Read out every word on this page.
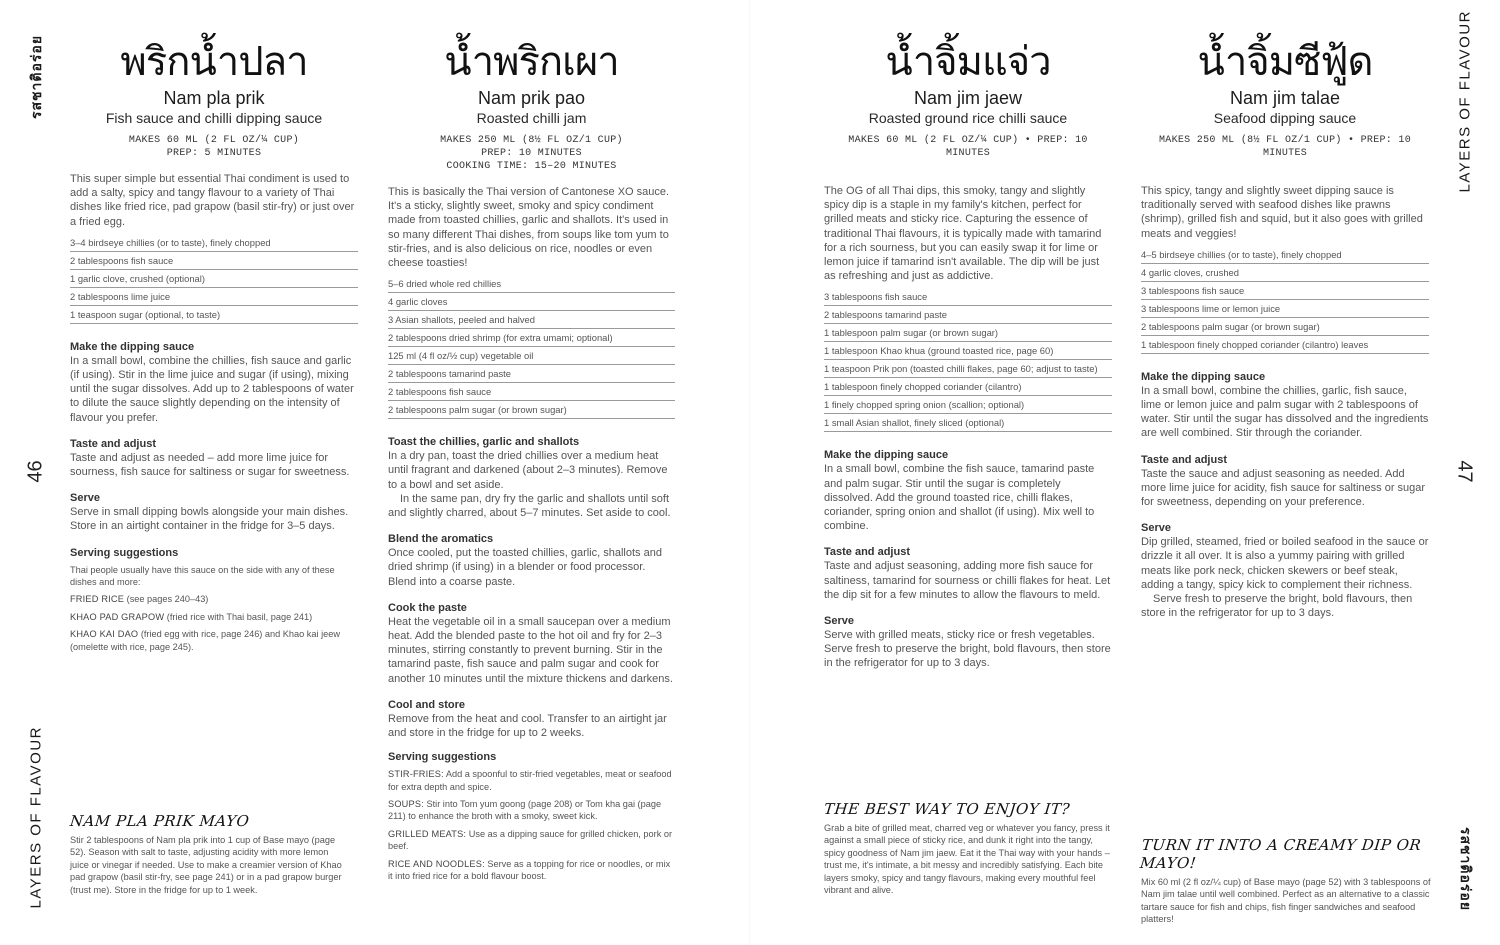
รสชาติอร่อย
46
LAYERS OF FLAVOUR
LAYERS OF FLAVOUR
47
รสชาติอร่อย
พริกน้ำปลา
Nam pla prik
Fish sauce and chilli dipping sauce
MAKES 60 ML (2 FL OZ/¼ CUP)
PREP: 5 MINUTES
This super simple but essential Thai condiment is used to add a salty, spicy and tangy flavour to a variety of Thai dishes like fried rice, pad grapow (basil stir-fry) or just over a fried egg.
3–4 birdseye chillies (or to taste), finely chopped
2 tablespoons fish sauce
1 garlic clove, crushed (optional)
2 tablespoons lime juice
1 teaspoon sugar (optional, to taste)
Make the dipping sauce

In a small bowl, combine the chillies, fish sauce and garlic (if using). Stir in the lime juice and sugar (if using), mixing until the sugar dissolves. Add up to 2 tablespoons of water to dilute the sauce slightly depending on the intensity of flavour you prefer.

Taste and adjust

Taste and adjust as needed – add more lime juice for sourness, fish sauce for saltiness or sugar for sweetness.

Serve

Serve in small dipping bowls alongside your main dishes. Store in an airtight container in the fridge for 3–5 days.

Serving suggestions

Thai people usually have this sauce on the side with any of these dishes and more:

FRIED RICE (see pages 240–43)

KHAO PAD GRAPOW (fried rice with Thai basil, page 241)

KHAO KAI DAO (fried egg with rice, page 246) and Khao kai jeew (omelette with rice, page 245).

NAM PLA PRIK MAYO

Stir 2 tablespoons of Nam pla prik into 1 cup of Base mayo (page 52). Season with salt to taste, adjusting acidity with more lemon juice or vinegar if needed. Use to make a creamier version of Khao pad grapow (basil stir-fry, see page 241) or in a pad grapow burger (trust me). Store in the fridge for up to 1 week.

น้ำพริกเผา
Nam prik pao
Roasted chilli jam
MAKES 250 ML (8½ FL OZ/1 CUP)
PREP: 10 MINUTES
COOKING TIME: 15–20 MINUTES
This is basically the Thai version of Cantonese XO sauce. It's a sticky, slightly sweet, smoky and spicy condiment made from toasted chillies, garlic and shallots. It's used in so many different Thai dishes, from soups like tom yum to stir-fries, and is also delicious on rice, noodles or even cheese toasties!
5–6 dried whole red chillies
4 garlic cloves
3 Asian shallots, peeled and halved
2 tablespoons dried shrimp (for extra umami; optional)
125 ml (4 fl oz/½ cup) vegetable oil
2 tablespoons tamarind paste
2 tablespoons fish sauce
2 tablespoons palm sugar (or brown sugar)
Toast the chillies, garlic and shallots

In a dry pan, toast the dried chillies over a medium heat until fragrant and darkened (about 2–3 minutes). Remove to a bowl and set aside.

In the same pan, dry fry the garlic and shallots until soft and slightly charred, about 5–7 minutes. Set aside to cool.

Blend the aromatics

Once cooled, put the toasted chillies, garlic, shallots and dried shrimp (if using) in a blender or food processor. Blend into a coarse paste.

Cook the paste

Heat the vegetable oil in a small saucepan over a medium heat. Add the blended paste to the hot oil and fry for 2–3 minutes, stirring constantly to prevent burning. Stir in the tamarind paste, fish sauce and palm sugar and cook for another 10 minutes until the mixture thickens and darkens.

Cool and store

Remove from the heat and cool. Transfer to an airtight jar and store in the fridge for up to 2 weeks.

Serving suggestions

STIR-FRIES: Add a spoonful to stir-fried vegetables, meat or seafood for extra depth and spice.

SOUPS: Stir into Tom yum goong (page 208) or Tom kha gai (page 211) to enhance the broth with a smoky, sweet kick.

GRILLED MEATS: Use as a dipping sauce for grilled chicken, pork or beef.

RICE AND NOODLES: Serve as a topping for rice or noodles, or mix it into fried rice for a bold flavour boost.

น้ำจิ้มแจ่ว
Nam jim jaew
Roasted ground rice chilli sauce
MAKES 60 ML (2 FL OZ/¼ CUP) • PREP: 10 MINUTES
The OG of all Thai dips, this smoky, tangy and slightly spicy dip is a staple in my family's kitchen, perfect for grilled meats and sticky rice. Capturing the essence of traditional Thai flavours, it is typically made with tamarind for a rich sourness, but you can easily swap it for lime or lemon juice if tamarind isn't available. The dip will be just as refreshing and just as addictive.
3 tablespoons fish sauce
2 tablespoons tamarind paste
1 tablespoon palm sugar (or brown sugar)
1 tablespoon Khao khua (ground toasted rice, page 60)
1 teaspoon Prik pon (toasted chilli flakes, page 60; adjust to taste)
1 tablespoon finely chopped coriander (cilantro)
1 finely chopped spring onion (scallion; optional)
1 small Asian shallot, finely sliced (optional)
Make the dipping sauce

In a small bowl, combine the fish sauce, tamarind paste and palm sugar. Stir until the sugar is completely dissolved. Add the ground toasted rice, chilli flakes, coriander, spring onion and shallot (if using). Mix well to combine.

Taste and adjust

Taste and adjust seasoning, adding more fish sauce for saltiness, tamarind for sourness or chilli flakes for heat. Let the dip sit for a few minutes to allow the flavours to meld.

Serve

Serve with grilled meats, sticky rice or fresh vegetables. Serve fresh to preserve the bright, bold flavours, then store in the refrigerator for up to 3 days.

THE BEST WAY TO ENJOY IT?

Grab a bite of grilled meat, charred veg or whatever you fancy, press it against a small piece of sticky rice, and dunk it right into the tangy, spicy goodness of Nam jim jaew. Eat it the Thai way with your hands – trust me, it's intimate, a bit messy and incredibly satisfying. Each bite layers smoky, spicy and tangy flavours, making every mouthful feel vibrant and alive.

น้ำจิ้มซีฟู้ด
Nam jim talae
Seafood dipping sauce
MAKES 250 ML (8½ FL OZ/1 CUP) • PREP: 10 MINUTES
This spicy, tangy and slightly sweet dipping sauce is traditionally served with seafood dishes like prawns (shrimp), grilled fish and squid, but it also goes with grilled meats and veggies!
4–5 birdseye chillies (or to taste), finely chopped
4 garlic cloves, crushed
3 tablespoons fish sauce
3 tablespoons lime or lemon juice
2 tablespoons palm sugar (or brown sugar)
1 tablespoon finely chopped coriander (cilantro) leaves
Make the dipping sauce

In a small bowl, combine the chillies, garlic, fish sauce, lime or lemon juice and palm sugar with 2 tablespoons of water. Stir until the sugar has dissolved and the ingredients are well combined. Stir through the coriander.

Taste and adjust

Taste the sauce and adjust seasoning as needed. Add more lime juice for acidity, fish sauce for saltiness or sugar for sweetness, depending on your preference.

Serve

Dip grilled, steamed, fried or boiled seafood in the sauce or drizzle it all over. It is also a yummy pairing with grilled meats like pork neck, chicken skewers or beef steak, adding a tangy, spicy kick to complement their richness.

Serve fresh to preserve the bright, bold flavours, then store in the refrigerator for up to 3 days.

TURN IT INTO A CREAMY DIP OR MAYO!

Mix 60 ml (2 fl oz/¼ cup) of Base mayo (page 52) with 3 tablespoons of Nam jim talae until well combined. Perfect as an alternative to a classic tartare sauce for fish and chips, fish finger sandwiches and seafood platters!
